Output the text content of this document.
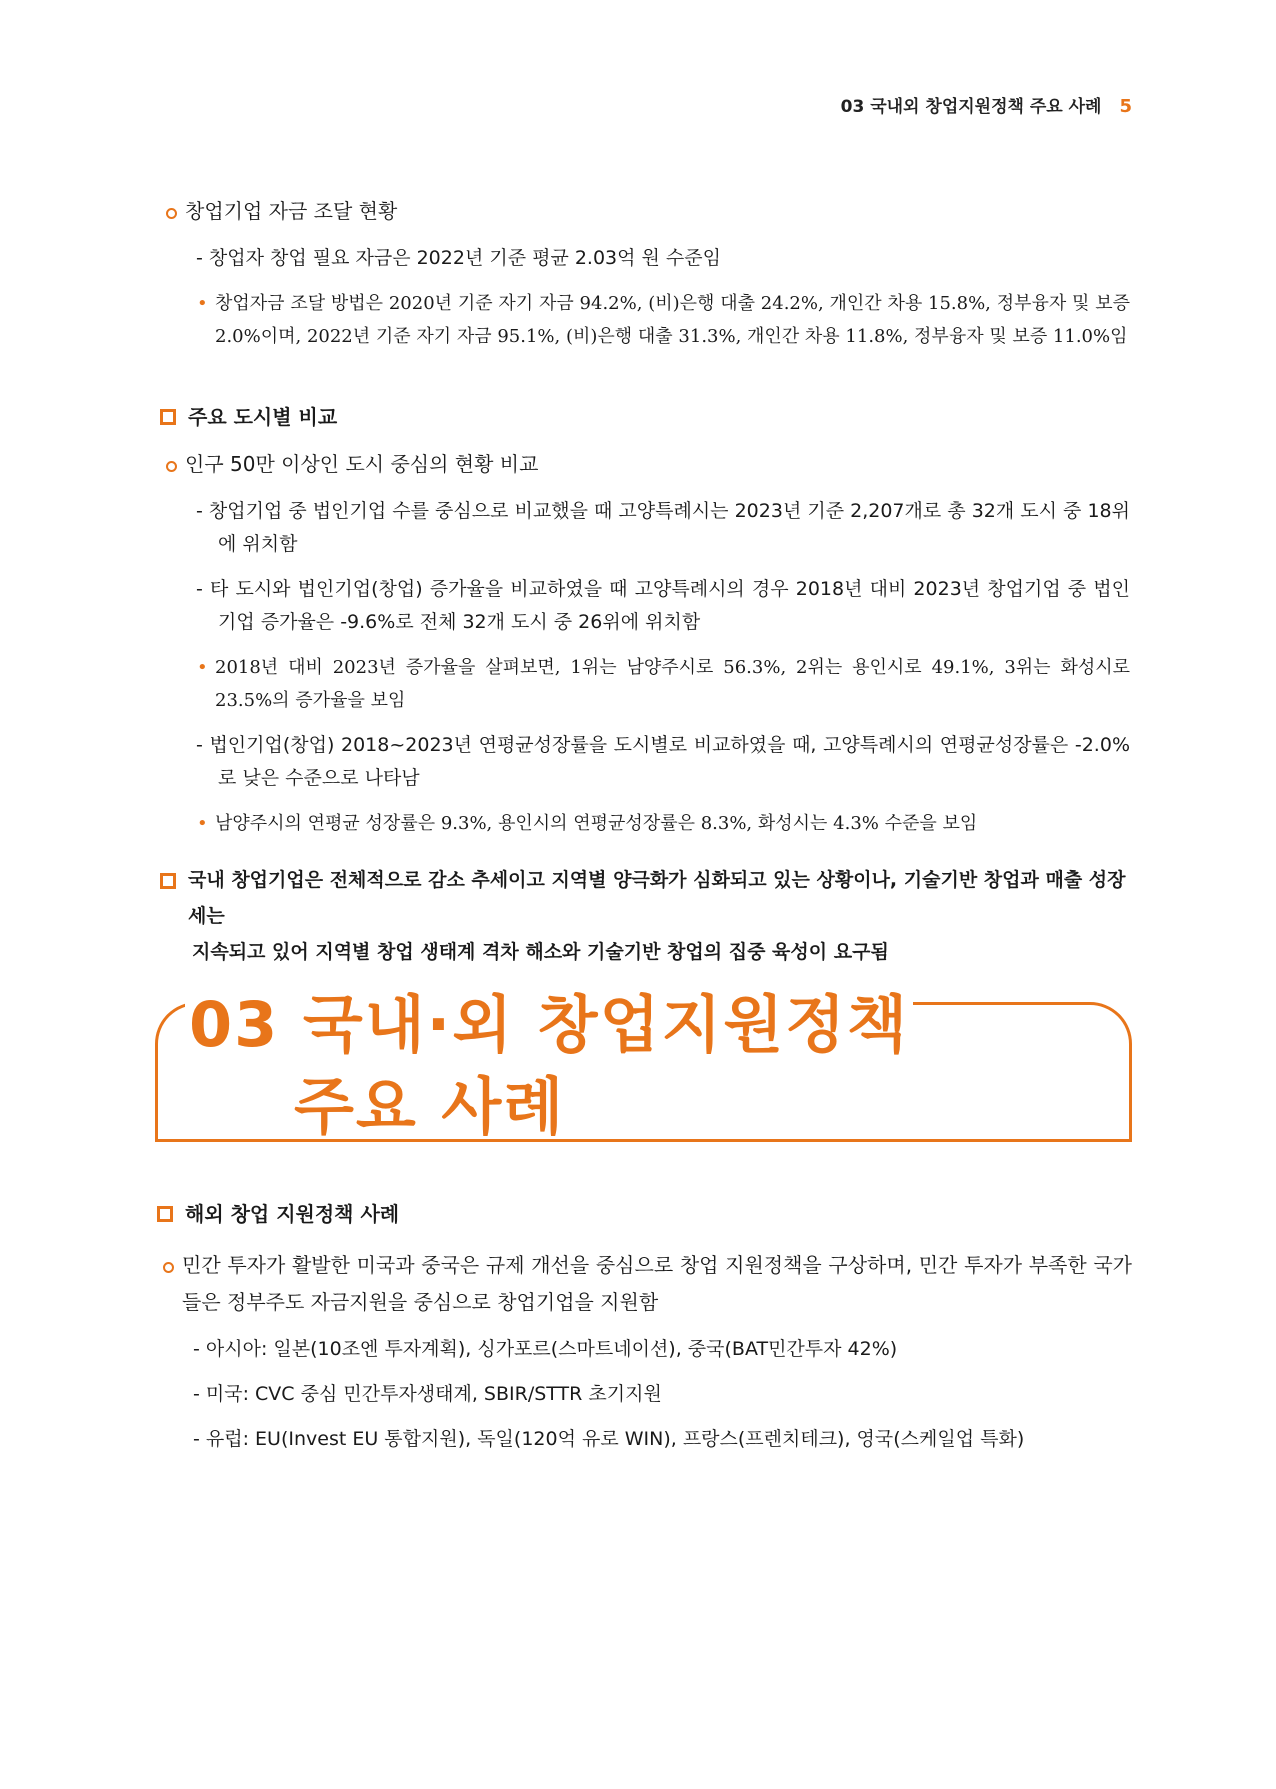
03 국내외 창업지원정책 주요 사례 5
창업기업 자금 조달 현황
- 창업자 창업 필요 자금은 2022년 기준 평균 2.03억 원 수준임
• 창업자금 조달 방법은 2020년 기준 자기 자금 94.2%, (비)은행 대출 24.2%, 개인간 차용 15.8%, 정부융자 및 보증 2.0%이며, 2022년 기준 자기 자금 95.1%, (비)은행 대출 31.3%, 개인간 차용 11.8%, 정부융자 및 보증 11.0%임
주요 도시별 비교
인구 50만 이상인 도시 중심의 현황 비교
- 창업기업 중 법인기업 수를 중심으로 비교했을 때 고양특례시는 2023년 기준 2,207개로 총 32개 도시 중 18위에 위치함
- 타 도시와 법인기업(창업) 증가율을 비교하였을 때 고양특례시의 경우 2018년 대비 2023년 창업기업 중 법인기업 증가율은 -9.6%로 전체 32개 도시 중 26위에 위치함
• 2018년 대비 2023년 증가율을 살펴보면, 1위는 남양주시로 56.3%, 2위는 용인시로 49.1%, 3위는 화성시로 23.5%의 증가율을 보임
- 법인기업(창업) 2018~2023년 연평균성장률을 도시별로 비교하였을 때, 고양특례시의 연평균성장률은 -2.0%로 낮은 수준으로 나타남
• 남양주시의 연평균 성장률은 9.3%, 용인시의 연평균성장률은 8.3%, 화성시는 4.3% 수준을 보임
국내 창업기업은 전체적으로 감소 추세이고 지역별 양극화가 심화되고 있는 상황이나, 기술기반 창업과 매출 성장세는
지속되고 있어 지역별 창업 생태계 격차 해소와 기술기반 창업의 집중 육성이 요구됨
03 국내·외 창업지원정책
주요 사례
해외 창업 지원정책 사례
민간 투자가 활발한 미국과 중국은 규제 개선을 중심으로 창업 지원정책을 구상하며, 민간 투자가 부족한 국가들은 정부주도 자금지원을 중심으로 창업기업을 지원함
- 아시아: 일본(10조엔 투자계획), 싱가포르(스마트네이션), 중국(BAT민간투자 42%)
- 미국: CVC 중심 민간투자생태계, SBIR/STTR 초기지원
- 유럽: EU(Invest EU 통합지원), 독일(120억 유로 WIN), 프랑스(프렌치테크), 영국(스케일업 특화)
